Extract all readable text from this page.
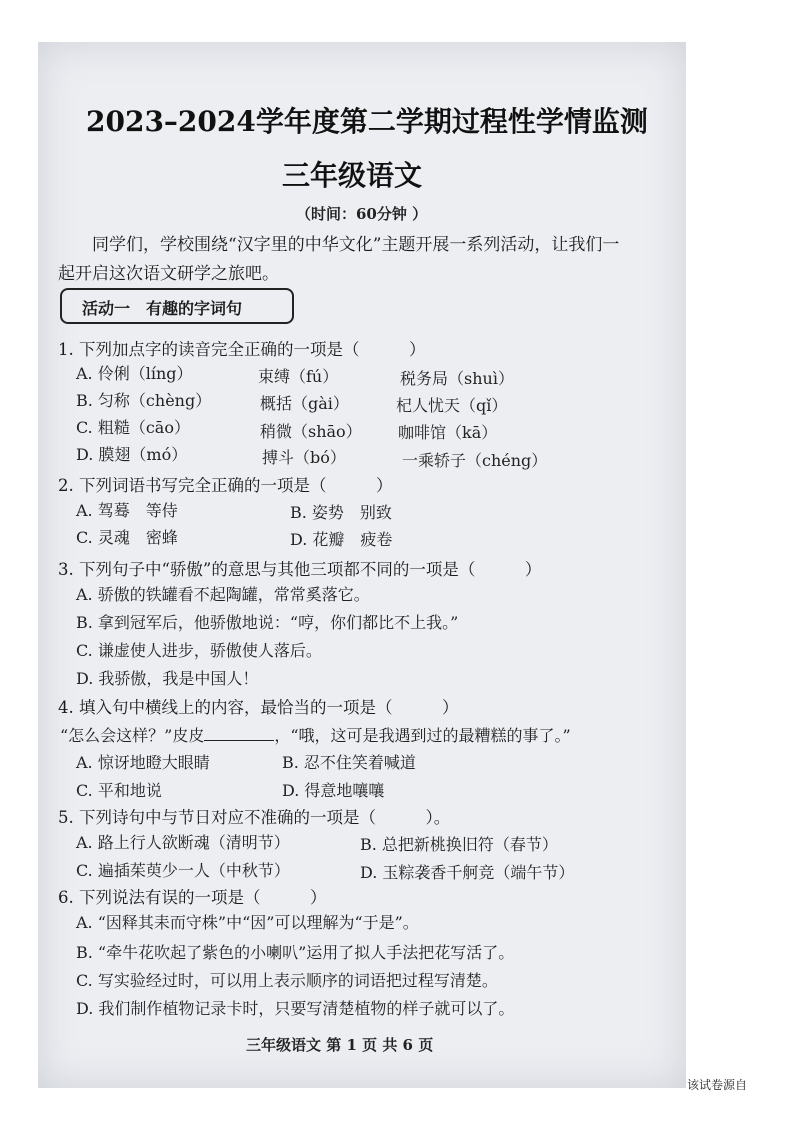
2023–2024学年度第二学期过程性学情监测
三年级语文
（时间：60分钟 ）
同学们，学校围绕“汉字里的中华文化”主题开展一系列活动，让我们一
起开启这次语文研学之旅吧。
活动一　有趣的字词句
1. 下列加点字的读音完全正确的一项是（　　　）
A. 伶俐（líng）	束缚（fú）	税务局（shuì）
B. 匀称（chèng）	概括（gài）	杞人忧天（qǐ）
C. 粗糙（cāo）	稍微（shāo） 咖啡馆（kā）
D. 膜翅（mó）	搏斗（bó）	一乘轿子（chéng）
2. 下列词语书写完全正确的一项是（　　　）
A. 驾蓦　等侍	B. 姿势　别致
C. 灵魂　密蜂	D. 花瓣　疲卷
3. 下列句子中“骄傲”的意思与其他三项都不同的一项是（　　　）
A. 骄傲的铁罐看不起陶罐，常常奚落它。
B. 拿到冠军后，他骄傲地说：“哼，你们都比不上我。”
C. 谦虚使人进步，骄傲使人落后。
D. 我骄傲，我是中国人！
4. 填入句中横线上的内容，最恰当的一项是（　　　）
“怎么会这样？”皮皮	，“哦，这可是我遇到过的最糟糕的事了。”
A. 惊讶地瞪大眼睛	B. 忍不住笑着喊道
C. 平和地说	D. 得意地嚷嚷
5. 下列诗句中与节日对应不准确的一项是（　　　）。
A. 路上行人欲断魂（清明节）	B. 总把新桃换旧符（春节）
C. 遍插茱萸少一人（中秋节）	D. 玉粽袭香千舸竞（端午节）
6. 下列说法有误的一项是（　　　）
A. “因释其耒而守株”中“因”可以理解为“于是”。
B. “牵牛花吹起了紫色的小喇叭”运用了拟人手法把花写活了。
C. 写实验经过时，可以用上表示顺序的词语把过程写清楚。
D. 我们制作植物记录卡时，只要写清楚植物的样子就可以了。
三年级语文 第 1 页 共 6 页
该试卷源自
